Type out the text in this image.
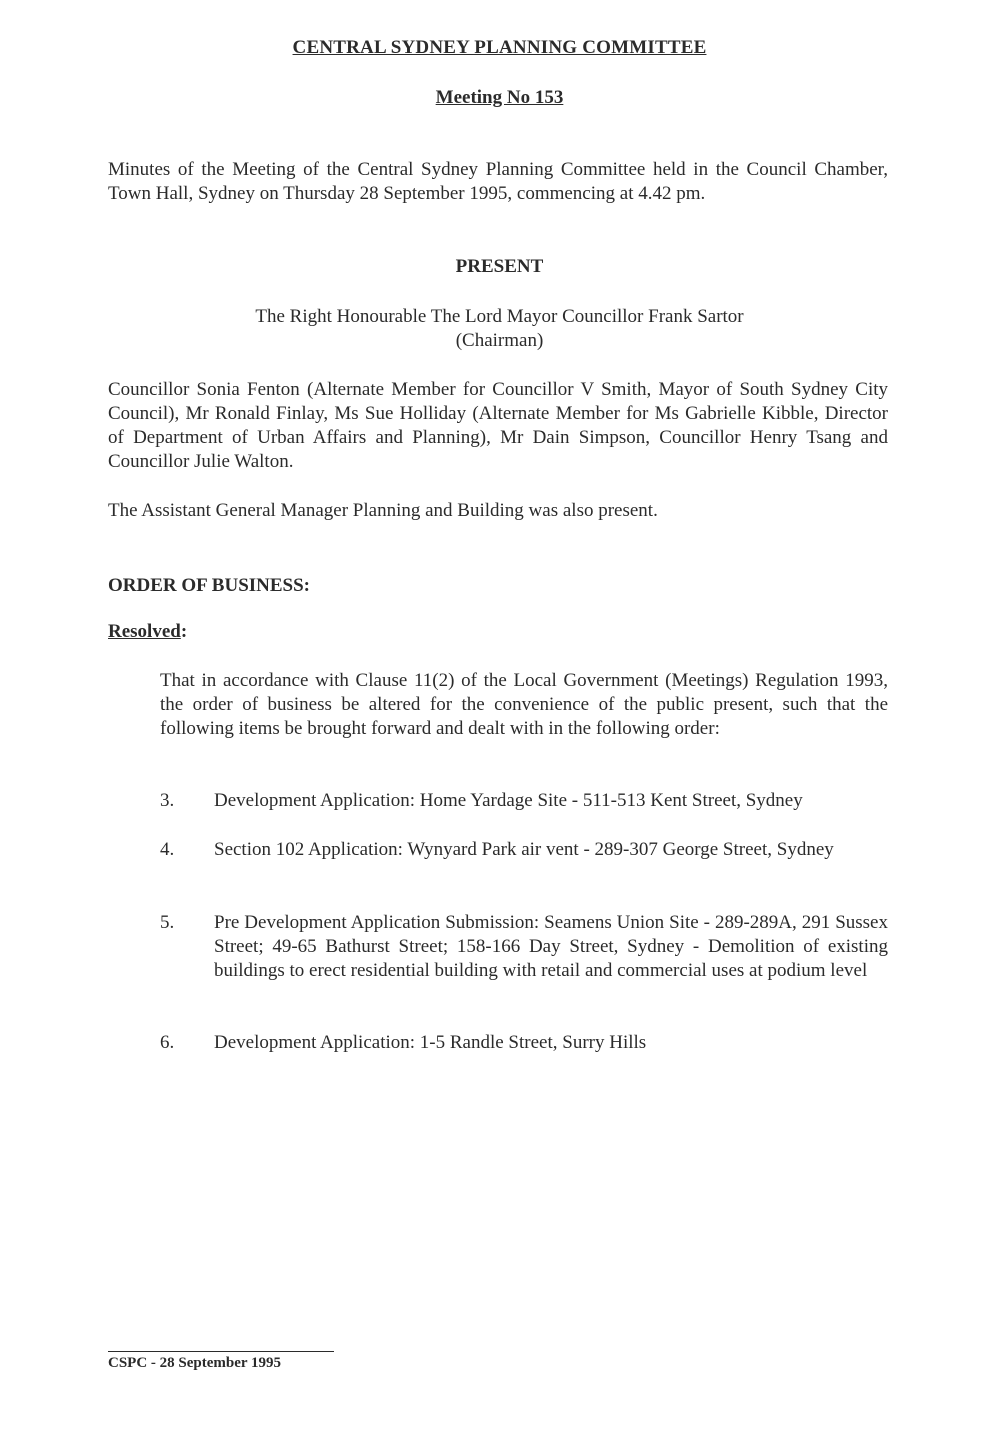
CENTRAL SYDNEY PLANNING COMMITTEE
Meeting No 153
Minutes of the Meeting of the Central Sydney Planning Committee held in the Council Chamber, Town Hall, Sydney on Thursday 28 September 1995, commencing at 4.42 pm.
PRESENT
The Right Honourable The Lord Mayor Councillor Frank Sartor
(Chairman)
Councillor Sonia Fenton (Alternate Member for Councillor V Smith, Mayor of South Sydney City Council), Mr Ronald Finlay, Ms Sue Holliday (Alternate Member for Ms Gabrielle Kibble, Director of Department of Urban Affairs and Planning), Mr Dain Simpson, Councillor Henry Tsang and Councillor Julie Walton.
The Assistant General Manager Planning and Building was also present.
ORDER OF BUSINESS:
Resolved:
That in accordance with Clause 11(2) of the Local Government (Meetings) Regulation 1993, the order of business be altered for the convenience of the public present, such that the following items be brought forward and dealt with in the following order:
3.	Development Application: Home Yardage Site - 511-513 Kent Street, Sydney
4.	Section 102 Application: Wynyard Park air vent - 289-307 George Street, Sydney
5.	Pre Development Application Submission: Seamens Union Site - 289-289A, 291 Sussex Street; 49-65 Bathurst Street; 158-166 Day Street, Sydney - Demolition of existing buildings to erect residential building with retail and commercial uses at podium level
6.	Development Application: 1-5 Randle Street, Surry Hills
CSPC - 28 September 1995
